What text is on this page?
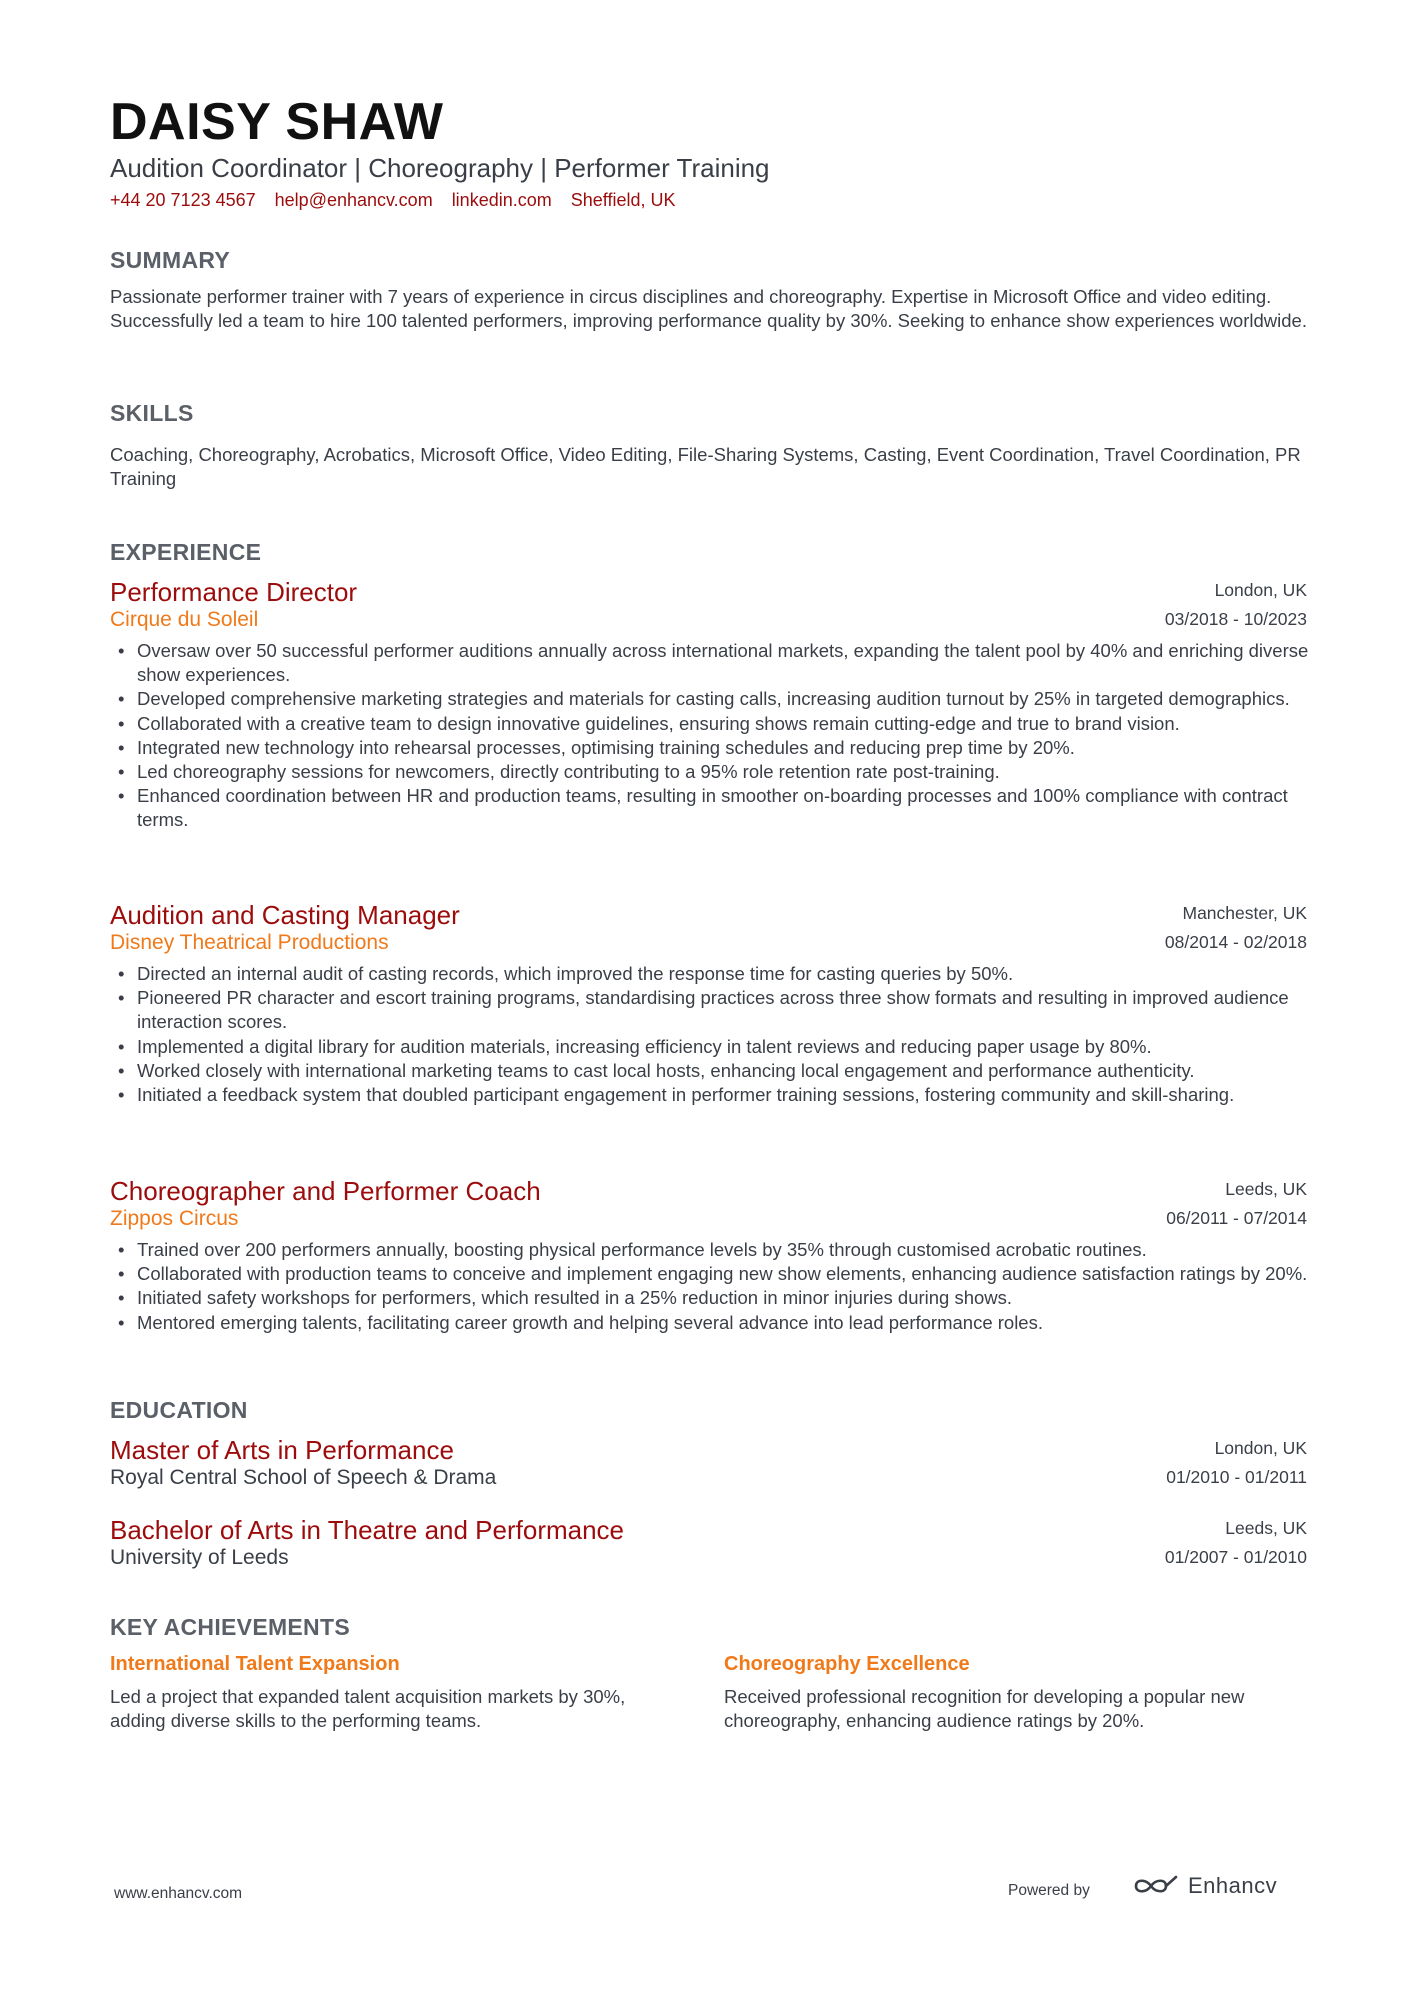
DAISY SHAW
Audition Coordinator | Choreography | Performer Training
+44 20 7123 4567 help@enhancv.com linkedin.com Sheffield, UK
SUMMARY
Passionate performer trainer with 7 years of experience in circus disciplines and choreography. Expertise in Microsoft Office and video editing. Successfully led a team to hire 100 talented performers, improving performance quality by 30%. Seeking to enhance show experiences worldwide.
SKILLS
Coaching, Choreography, Acrobatics, Microsoft Office, Video Editing, File-Sharing Systems, Casting, Event Coordination, Travel Coordination, PR Training
EXPERIENCE
Performance Director	London, UK
Cirque du Soleil	03/2018 - 10/2023
• Oversaw over 50 successful performer auditions annually across international markets, expanding the talent pool by 40% and enriching diverse show experiences.
• Developed comprehensive marketing strategies and materials for casting calls, increasing audition turnout by 25% in targeted demographics.
• Collaborated with a creative team to design innovative guidelines, ensuring shows remain cutting-edge and true to brand vision.
• Integrated new technology into rehearsal processes, optimising training schedules and reducing prep time by 20%.
• Led choreography sessions for newcomers, directly contributing to a 95% role retention rate post-training.
• Enhanced coordination between HR and production teams, resulting in smoother on-boarding processes and 100% compliance with contract terms.
Audition and Casting Manager	Manchester, UK
Disney Theatrical Productions	08/2014 - 02/2018
• Directed an internal audit of casting records, which improved the response time for casting queries by 50%.
• Pioneered PR character and escort training programs, standardising practices across three show formats and resulting in improved audience interaction scores.
• Implemented a digital library for audition materials, increasing efficiency in talent reviews and reducing paper usage by 80%.
• Worked closely with international marketing teams to cast local hosts, enhancing local engagement and performance authenticity.
• Initiated a feedback system that doubled participant engagement in performer training sessions, fostering community and skill-sharing.
Choreographer and Performer Coach	Leeds, UK
Zippos Circus	06/2011 - 07/2014
• Trained over 200 performers annually, boosting physical performance levels by 35% through customised acrobatic routines.
• Collaborated with production teams to conceive and implement engaging new show elements, enhancing audience satisfaction ratings by 20%.
• Initiated safety workshops for performers, which resulted in a 25% reduction in minor injuries during shows.
• Mentored emerging talents, facilitating career growth and helping several advance into lead performance roles.
EDUCATION
Master of Arts in Performance	London, UK
Royal Central School of Speech & Drama	01/2010 - 01/2011
Bachelor of Arts in Theatre and Performance	Leeds, UK
University of Leeds	01/2007 - 01/2010
KEY ACHIEVEMENTS
International Talent Expansion
Led a project that expanded talent acquisition markets by 30%, adding diverse skills to the performing teams.
Choreography Excellence
Received professional recognition for developing a popular new choreography, enhancing audience ratings by 20%.
www.enhancv.com	Powered by	Enhancv
